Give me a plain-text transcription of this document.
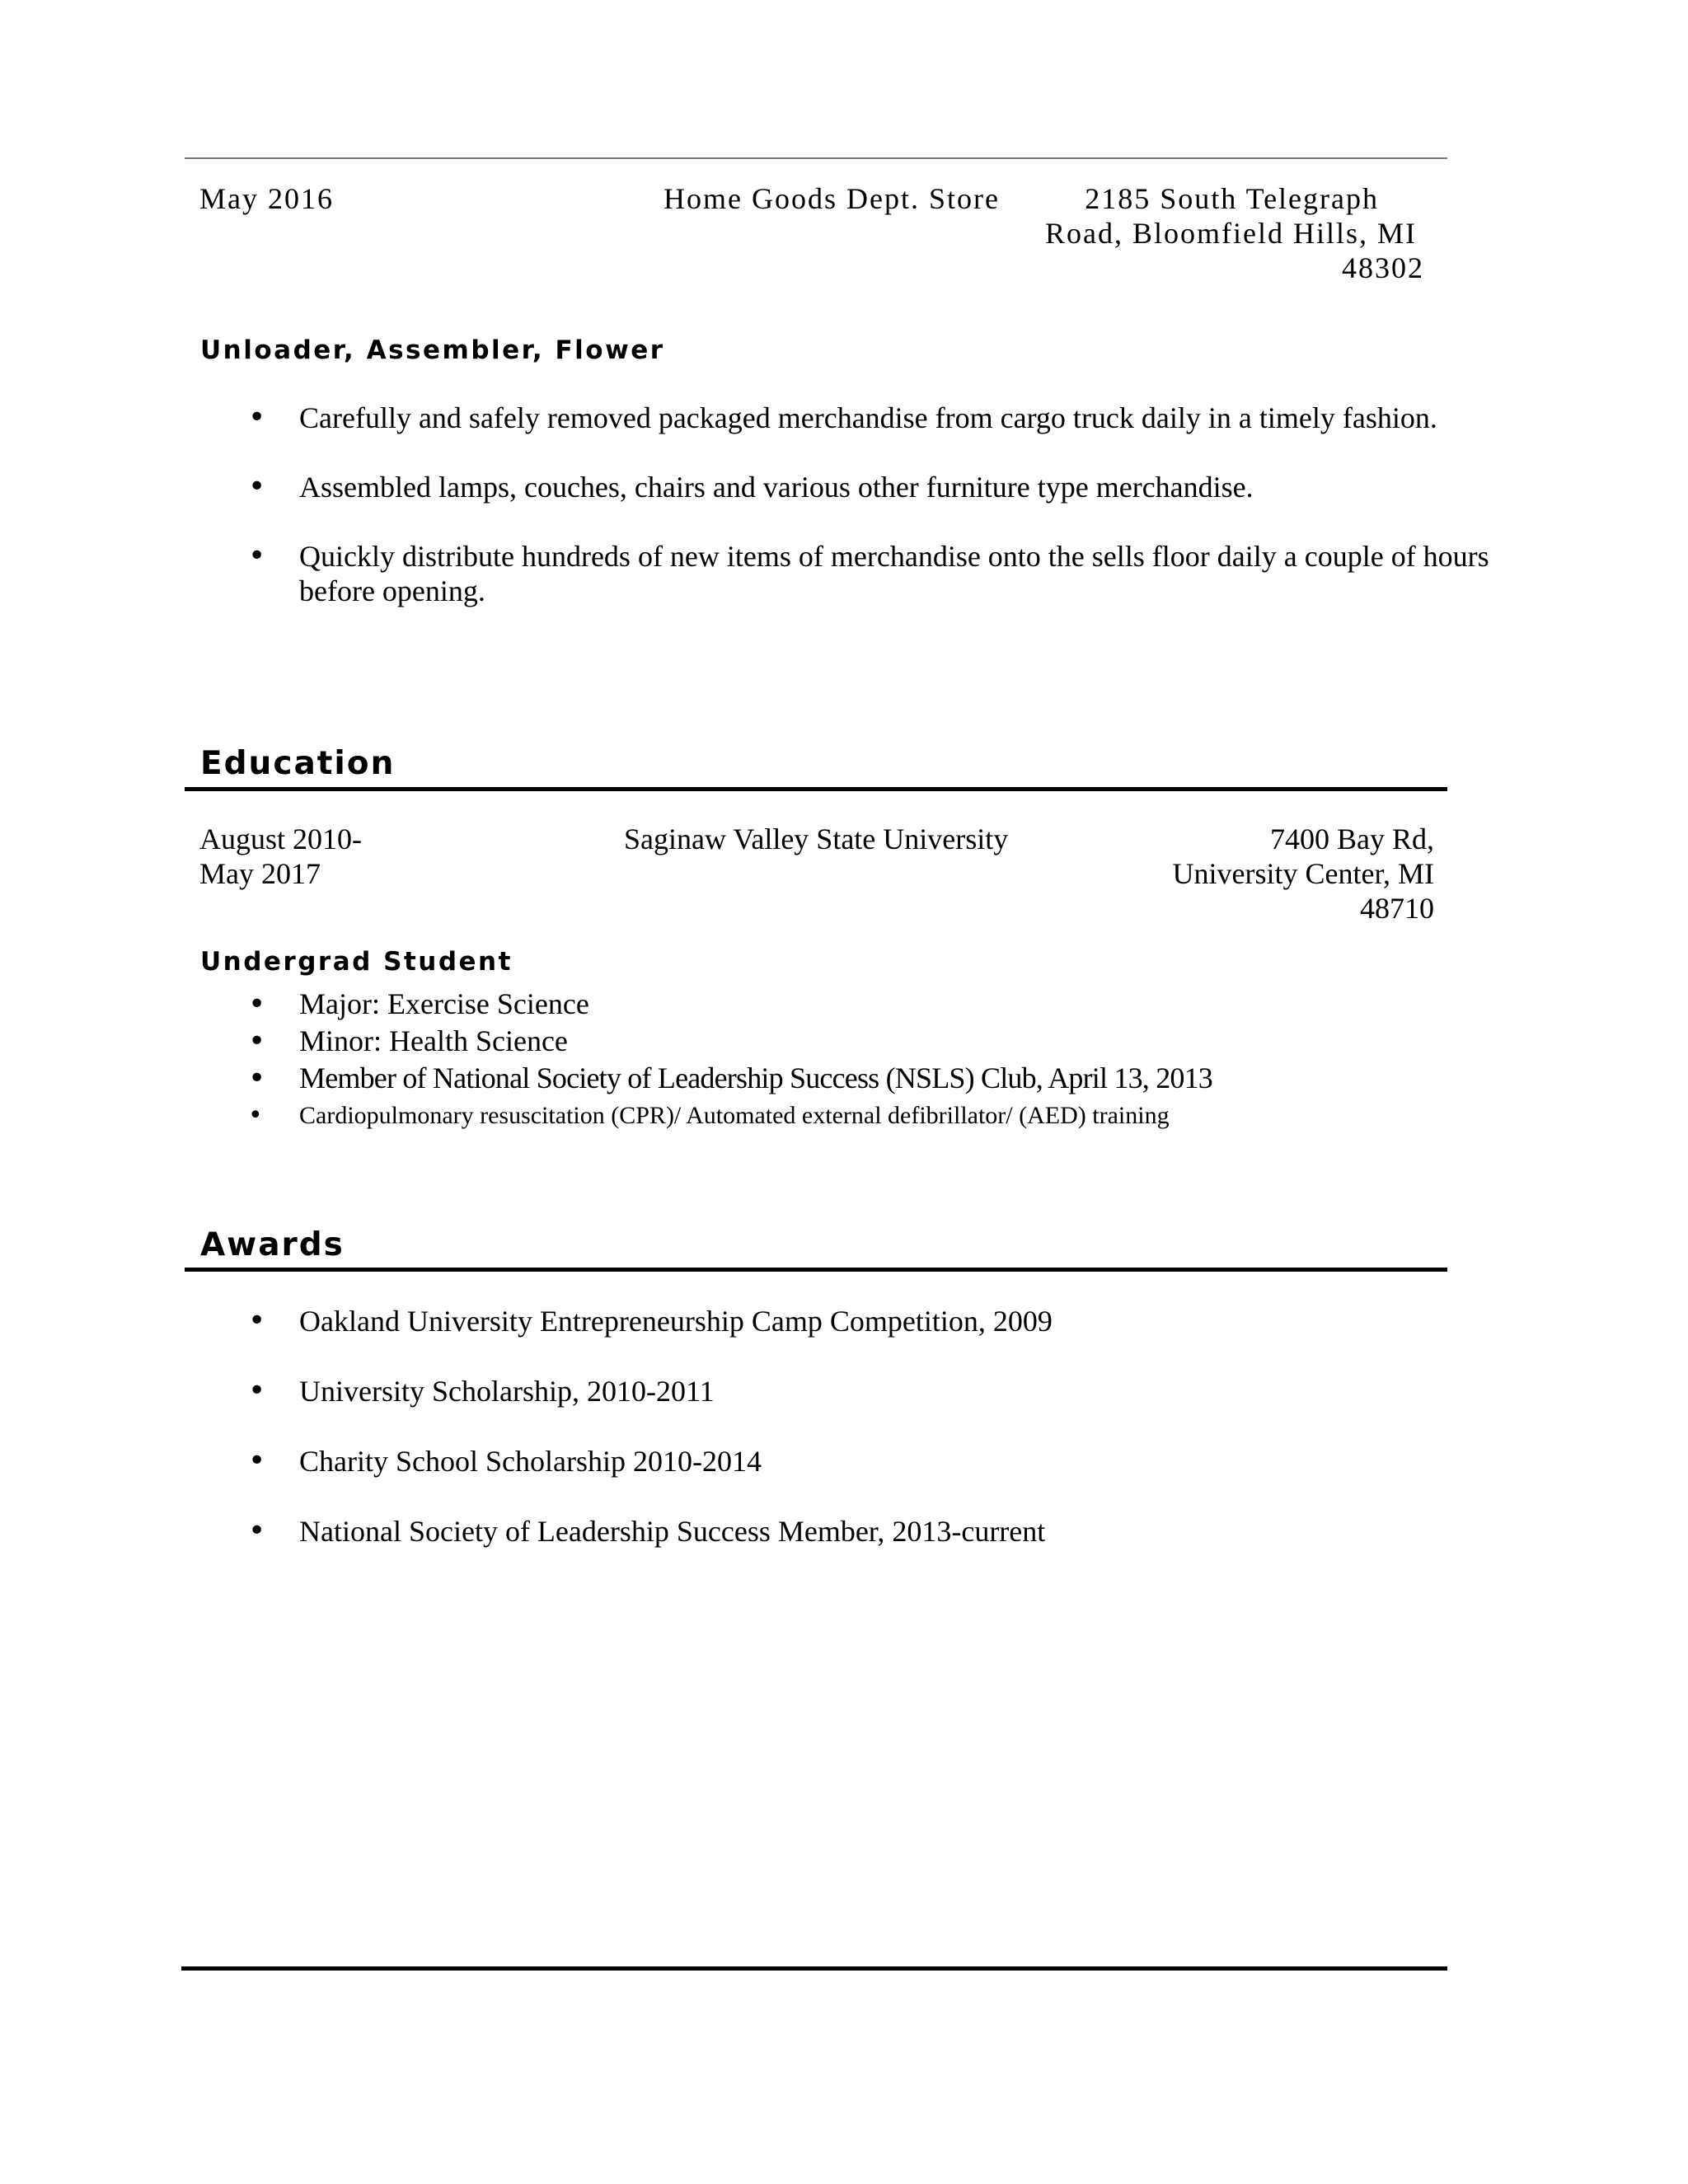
May 2016	Home Goods Dept. Store	2185 South Telegraph
Road, Bloomfield Hills, MI
48302
Unloader, Assembler, Flower
• Carefully and safely removed packaged merchandise from cargo truck daily in a timely fashion.
• Assembled lamps, couches, chairs and various other furniture type merchandise.
• Quickly distribute hundreds of new items of merchandise onto the sells floor daily a couple of hours before opening.
Education
August 2010-
May 2017
Saginaw Valley State University	7400 Bay Rd,
University Center, MI
48710
Undergrad Student
• Major: Exercise Science
• Minor: Health Science
• Member of National Society of Leadership Success (NSLS) Club, April 13, 2013
• Cardiopulmonary resuscitation (CPR)/ Automated external defibrillator/ (AED) training
Awards
• Oakland University Entrepreneurship Camp Competition, 2009
• University Scholarship, 2010-2011
• Charity School Scholarship 2010-2014
• National Society of Leadership Success Member, 2013-current
